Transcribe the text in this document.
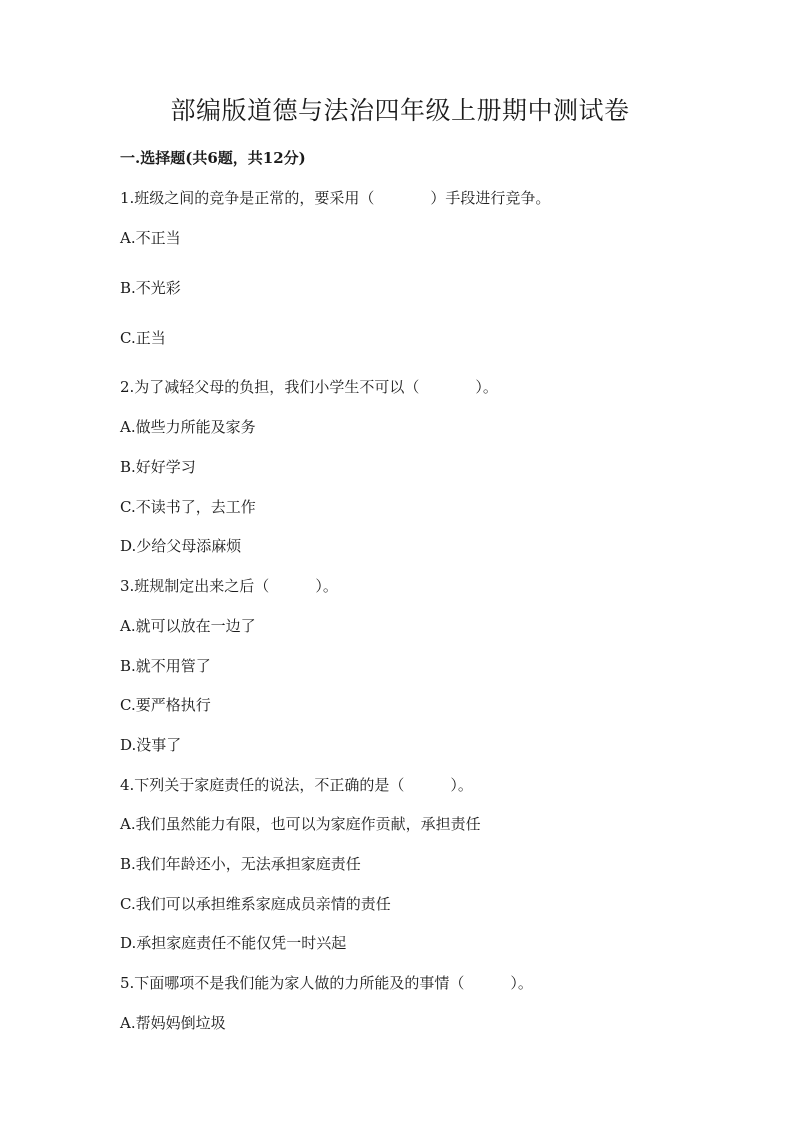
部编版道德与法治四年级上册期中测试卷
一.选择题(共6题，共12分)
1.班级之间的竞争是正常的，要采用（	）手段进行竞争。
A.不正当
B.不光彩
C.正当
2.为了减轻父母的负担，我们小学生不可以（	）。
A.做些力所能及家务
B.好好学习
C.不读书了，去工作
D.少给父母添麻烦
3.班规制定出来之后（	）。
A.就可以放在一边了
B.就不用管了
C.要严格执行
D.没事了
4.下列关于家庭责任的说法，不正确的是（	）。
A.我们虽然能力有限，也可以为家庭作贡献，承担责任
B.我们年龄还小，无法承担家庭责任
C.我们可以承担维系家庭成员亲情的责任
D.承担家庭责任不能仅凭一时兴起
5.下面哪项不是我们能为家人做的力所能及的事情（	）。
A.帮妈妈倒垃圾
